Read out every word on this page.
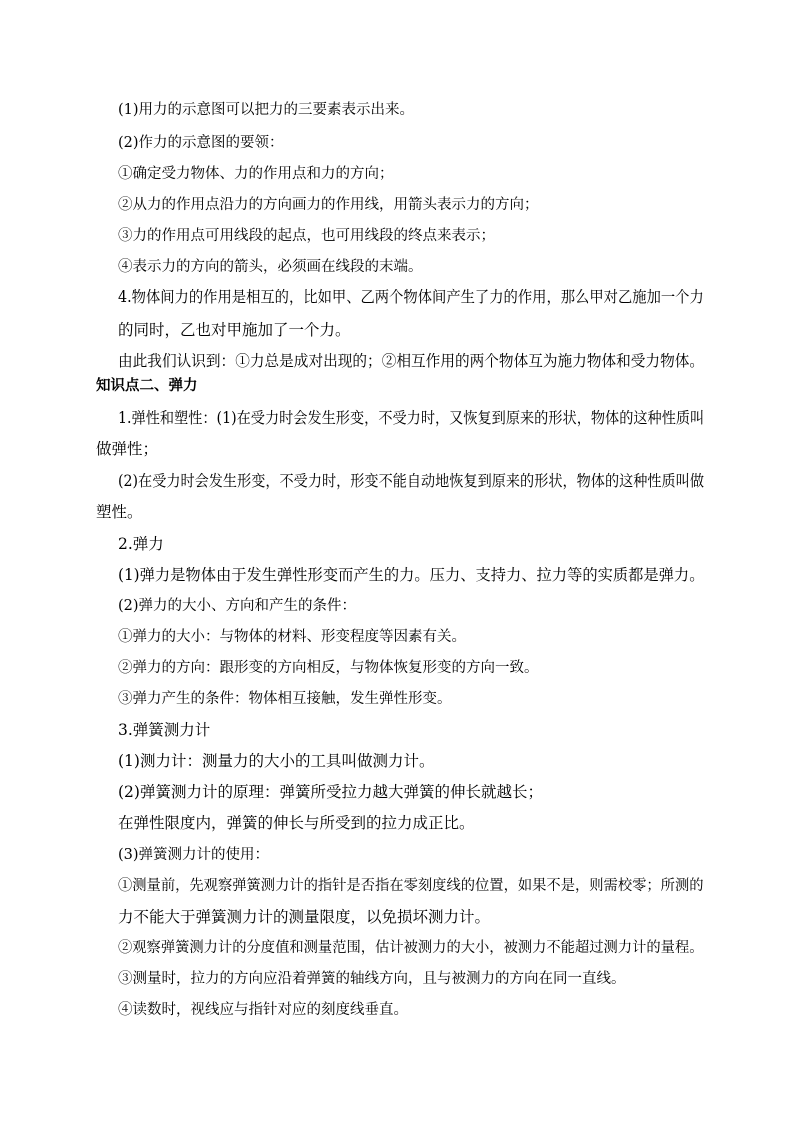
(1)用力的示意图可以把力的三要素表示出来。
(2)作力的示意图的要领：
①确定受力物体、力的作用点和力的方向；
②从力的作用点沿力的方向画力的作用线，用箭头表示力的方向；
③力的作用点可用线段的起点，也可用线段的终点来表示；
④表示力的方向的箭头，必须画在线段的末端。
4.物体间力的作用是相互的，比如甲、乙两个物体间产生了力的作用，那么甲对乙施加一个力
的同时，乙也对甲施加了一个力。
由此我们认识到：①力总是成对出现的；②相互作用的两个物体互为施力物体和受力物体。
知识点二、弹力
1.弹性和塑性：(1)在受力时会发生形变，不受力时，又恢复到原来的形状，物体的这种性质叫
做弹性；
(2)在受力时会发生形变，不受力时，形变不能自动地恢复到原来的形状，物体的这种性质叫做
塑性。
2.弹力
(1)弹力是物体由于发生弹性形变而产生的力。压力、支持力、拉力等的实质都是弹力。
(2)弹力的大小、方向和产生的条件：
①弹力的大小：与物体的材料、形变程度等因素有关。
②弹力的方向：跟形变的方向相反，与物体恢复形变的方向一致。
③弹力产生的条件：物体相互接触，发生弹性形变。
3.弹簧测力计
(1)测力计：测量力的大小的工具叫做测力计。
(2)弹簧测力计的原理：弹簧所受拉力越大弹簧的伸长就越长；
在弹性限度内，弹簧的伸长与所受到的拉力成正比。
(3)弹簧测力计的使用：
①测量前，先观察弹簧测力计的指针是否指在零刻度线的位置，如果不是，则需校零；所测的
力不能大于弹簧测力计的测量限度，以免损坏测力计。
②观察弹簧测力计的分度值和测量范围，估计被测力的大小，被测力不能超过测力计的量程。
③测量时，拉力的方向应沿着弹簧的轴线方向，且与被测力的方向在同一直线。
④读数时，视线应与指针对应的刻度线垂直。
